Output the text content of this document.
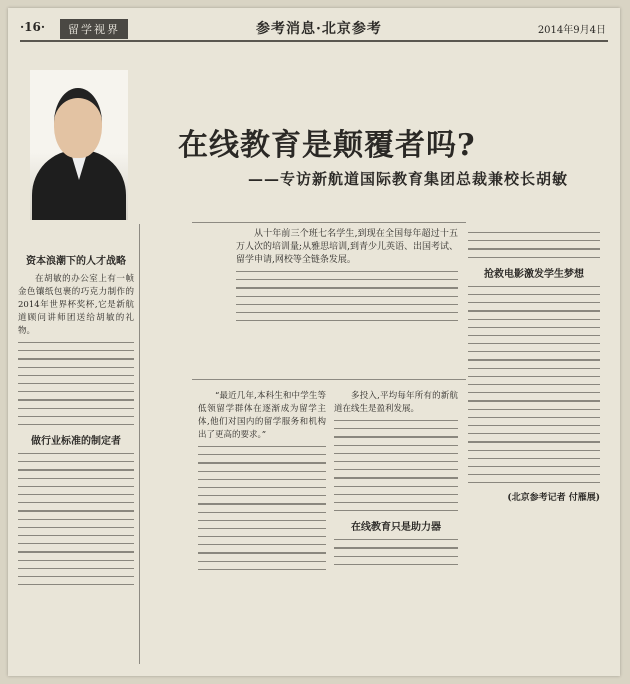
·16·	留学视界	参考消息·北京参考	2014年9月4日
在线教育是颠覆者吗?
——专访新航道国际教育集团总裁兼校长胡敏

从十年前三个班七名学生,到现在全国每年超过十五万人次的培训量;从雅思培训,到青少儿英语、出国考试、留学申请,网校等全链条发展。

资本浪潮下的人才战略

在胡敏的办公室上有一帧金色镶纸包裹的巧克力制作的2014年世界杯奖杯,它是新航道顾问讲师团送给胡敏的礼物。

做行业标准的制定者

“最近几年,本科生和中学生等低领留学群体在逐渐成为留学主体,他们对国内的留学服务和机构出了更高的要求。”

多投入,平均每年所有的新航道在线生是盈利发展。

在线教育只是助力器
抢救电影激发学生梦想
(北京参考记者 付雁展)
